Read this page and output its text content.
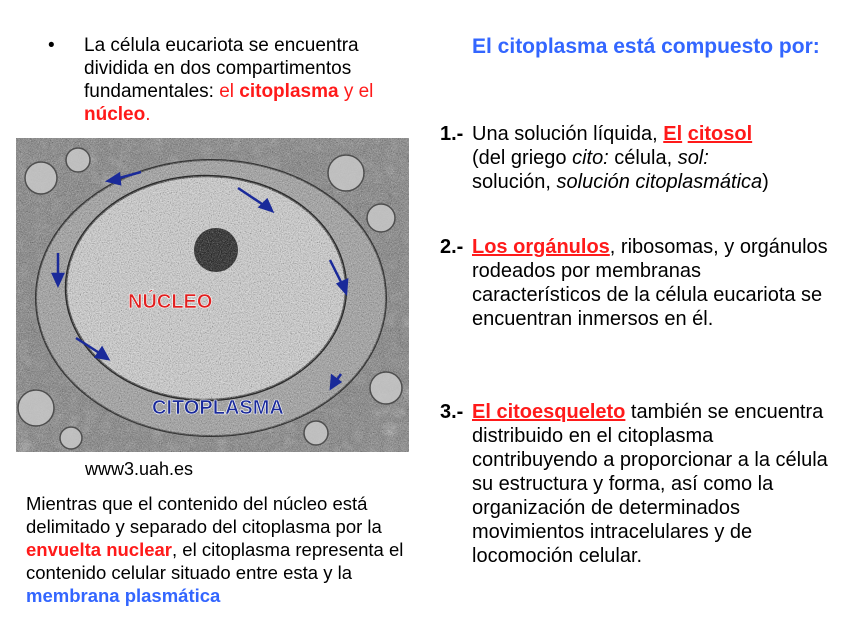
• La célula eucariota se encuentra dividida en dos compartimentos fundamentales: el citoplasma y el núcleo.
NÚCLEO
CITOPLASMA
www3.uah.es
Mientras que el contenido del núcleo está delimitado y separado del citoplasma por la envuelta nuclear, el citoplasma representa el contenido celular situado entre esta y la membrana plasmática
El citoplasma está compuesto por:
1.- Una solución líquida, El citosol
(del griego cito: célula, sol:
solución, solución citoplasmática)
2.- Los orgánulos, ribosomas, y orgánulos rodeados por membranas característicos de la célula eucariota se encuentran inmersos en él.
3.- El citoesqueleto también se encuentra distribuido en el citoplasma contribuyendo a proporcionar a la célula su estructura y forma, así como la organización de determinados movimientos intracelulares y de locomoción celular.
